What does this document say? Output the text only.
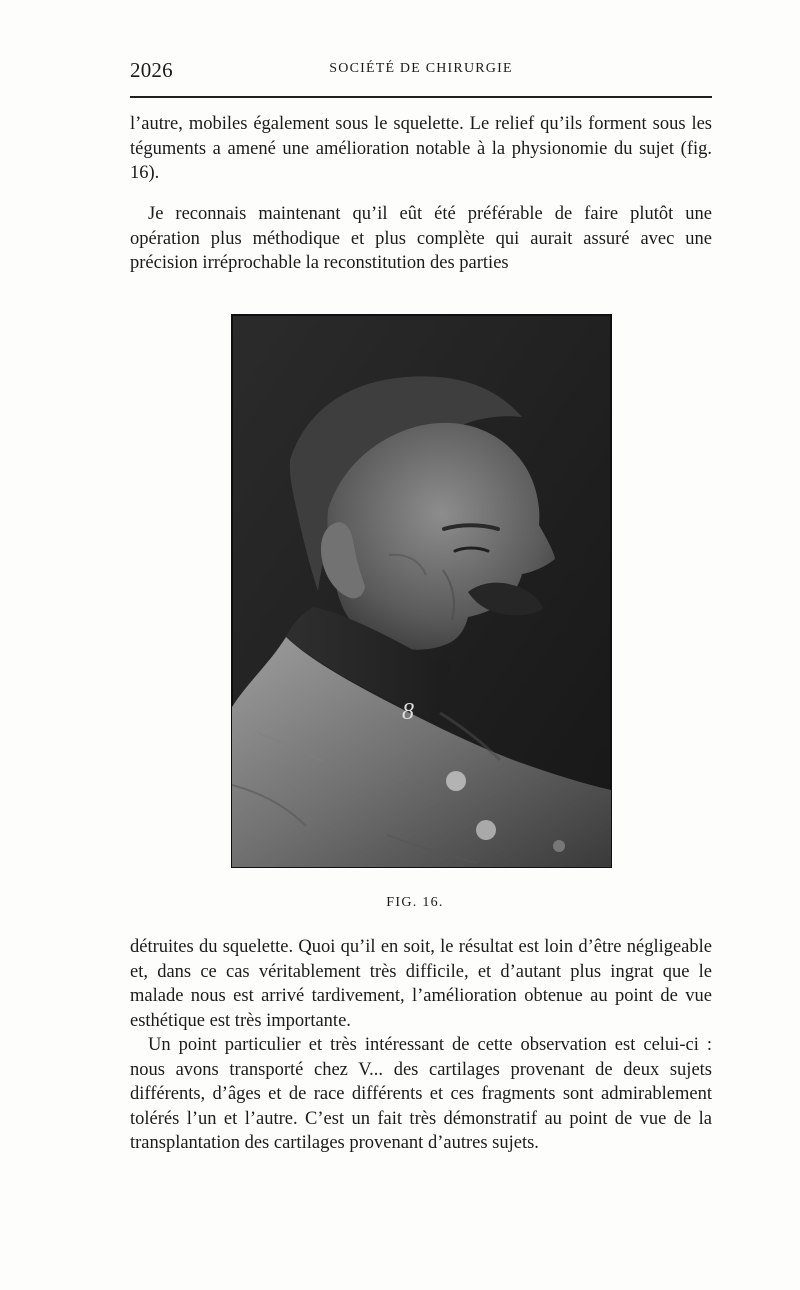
2026	SOCIÉTÉ DE CHIRURGIE

l’autre, mobiles également sous le squelette. Le relief qu’ils forment sous les téguments a amené une amélioration notable à la physionomie du sujet (fig. 16).

Je reconnais maintenant qu’il eût été préférable de faire plutôt une opération plus méthodique et plus complète qui aurait assuré avec une précision irréprochable la reconstitution des parties

8
FIG. 16.

détruites du squelette. Quoi qu’il en soit, le résultat est loin d’être négligeable et, dans ce cas véritablement très difficile, et d’autant plus ingrat que le malade nous est arrivé tardivement, l’amélioration obtenue au point de vue esthétique est très importante.

Un point particulier et très intéressant de cette observation est celui-ci : nous avons transporté chez V... des cartilages provenant de deux sujets différents, d’âges et de race différents et ces fragments sont admirablement tolérés l’un et l’autre. C’est un fait très démonstratif au point de vue de la transplantation des cartilages provenant d’autres sujets.
